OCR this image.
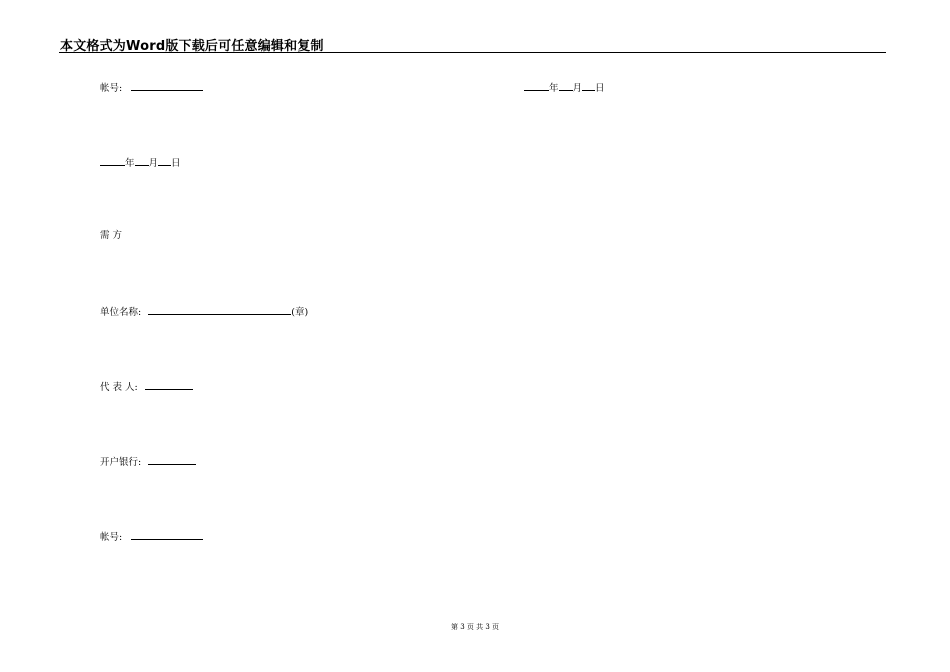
本文格式为Word版下载后可任意编辑和复制
帐号:	年 月 日
年 月 日
需 方
单位名称:	(章)
代 表 人:
开户银行:
帐号:
第 3 页 共 3 页
